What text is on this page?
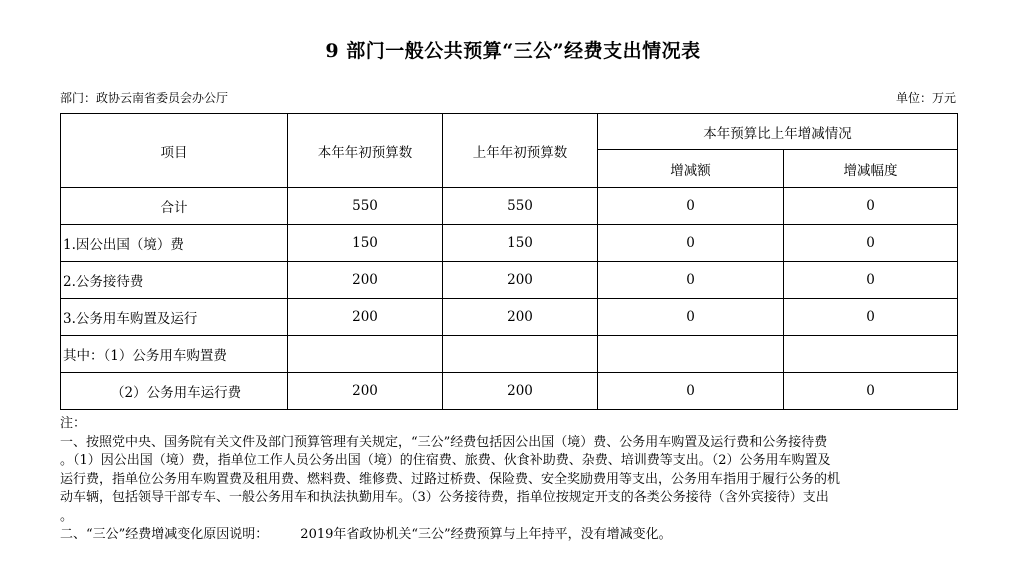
9 部门一般公共预算“三公”经费支出情况表
部门：政协云南省委员会办公厅	单位：万元
项目	本年年初预算数	上年年初预算数	本年预算比上年增减情况	
			增减额	增减幅度
合计	550	550	0	0
1.因公出国（境）费	150	150	0	0
2.公务接待费	200	200	0	0
3.公务用车购置及运行	200	200	0	0
其中：（1）公务用车购置费				
（2）公务用车运行费	200	200	0	0

注：

一、按照党中央、国务院有关文件及部门预算管理有关规定，“三公”经费包括因公出国（境）费、公务用车购置及运行费和公务接待费

。（1）因公出国（境）费，指单位工作人员公务出国（境）的住宿费、旅费、伙食补助费、杂费、培训费等支出。（2）公务用车购置及

运行费，指单位公务用车购置费及租用费、燃料费、维修费、过路过桥费、保险费、安全奖励费用等支出，公务用车指用于履行公务的机

动车辆，包括领导干部专车、一般公务用车和执法执勤用车。（3）公务接待费，指单位按规定开支的各类公务接待（含外宾接待）支出

。

二、“三公”经费增减变化原因说明： 2019年省政协机关“三公”经费预算与上年持平，没有增减变化。
